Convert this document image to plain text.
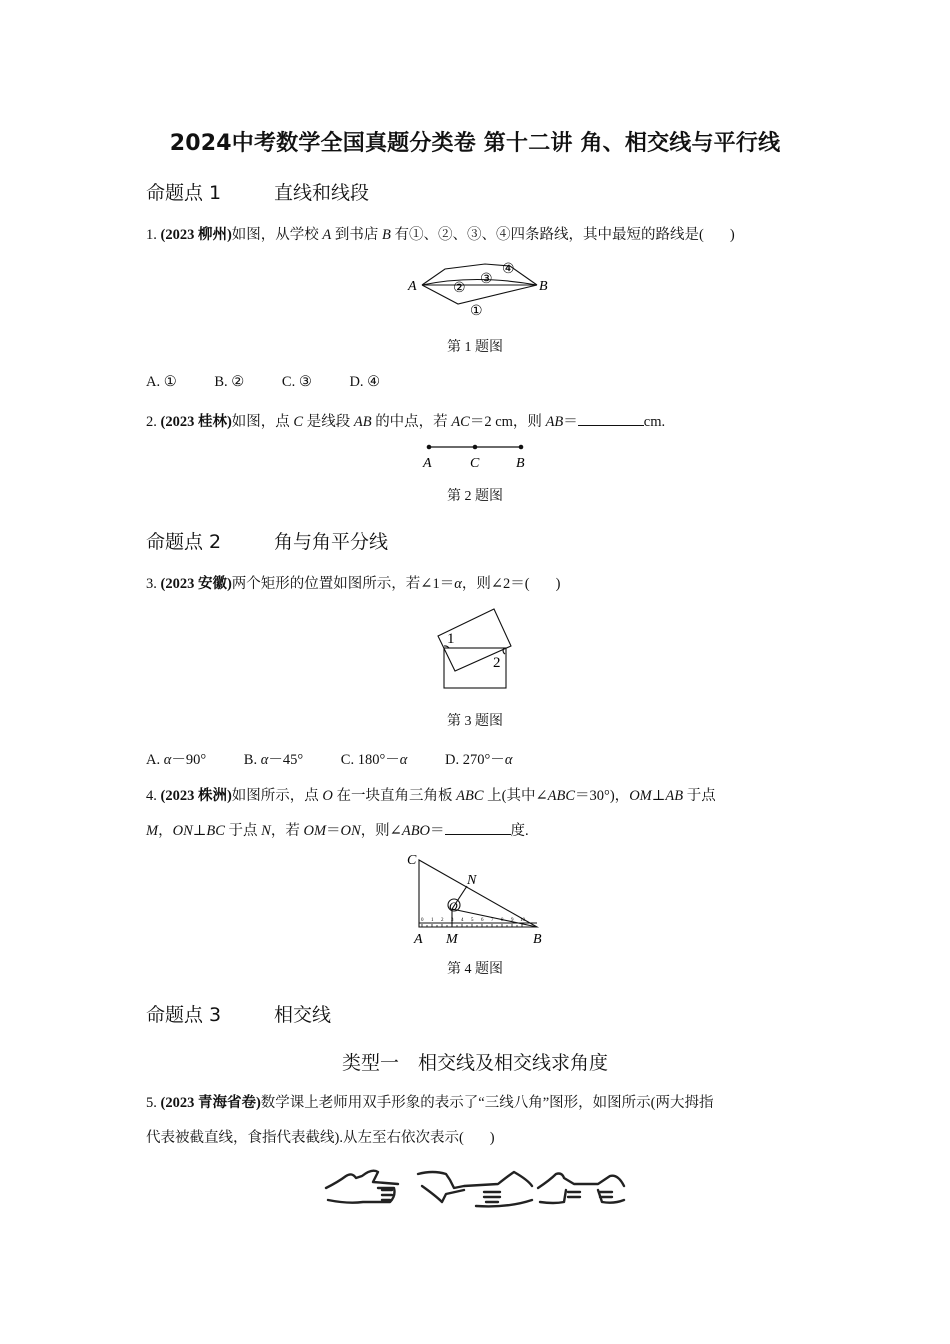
2024中考数学全国真题分类卷 第十二讲 角、相交线与平行线
命题点 1	直线和线段
1. (2023 柳州)如图，从学校 A 到书店 B 有①、②、③、④四条路线，其中最短的路线是( )
A	B
①
②
③
④
第 1 题图
A. ①	B. ②	C. ③	D. ④
2. (2023 桂林)如图，点 C 是线段 AB 的中点，若 AC＝2 cm，则 AB＝	cm.
A	C	B
第 2 题图
命题点 2	角与角平分线
3. (2023 安徽)两个矩形的位置如图所示，若∠1＝α，则∠2＝( )
1
2
第 3 题图
A. α－90°	B. α－45°	C. 180°－α	D. 270°－α
4. (2023 株洲)如图所示，点 O 在一块直角三角板 ABC 上(其中∠ABC＝30°)，OM⊥AB 于点
M，ON⊥BC 于点 N，若 OM＝ON，则∠ABO＝	度.
0 1 2 3 4 5 6 7 8 9 10
C
N
O
A M	B
第 4 题图
命题点 3	相交线
类型一　相交线及相交线求角度
5. (2023 青海省卷)数学课上老师用双手形象的表示了“三线八角”图形，如图所示(两大拇指
代表被截直线，食指代表截线).从左至右依次表示( )
